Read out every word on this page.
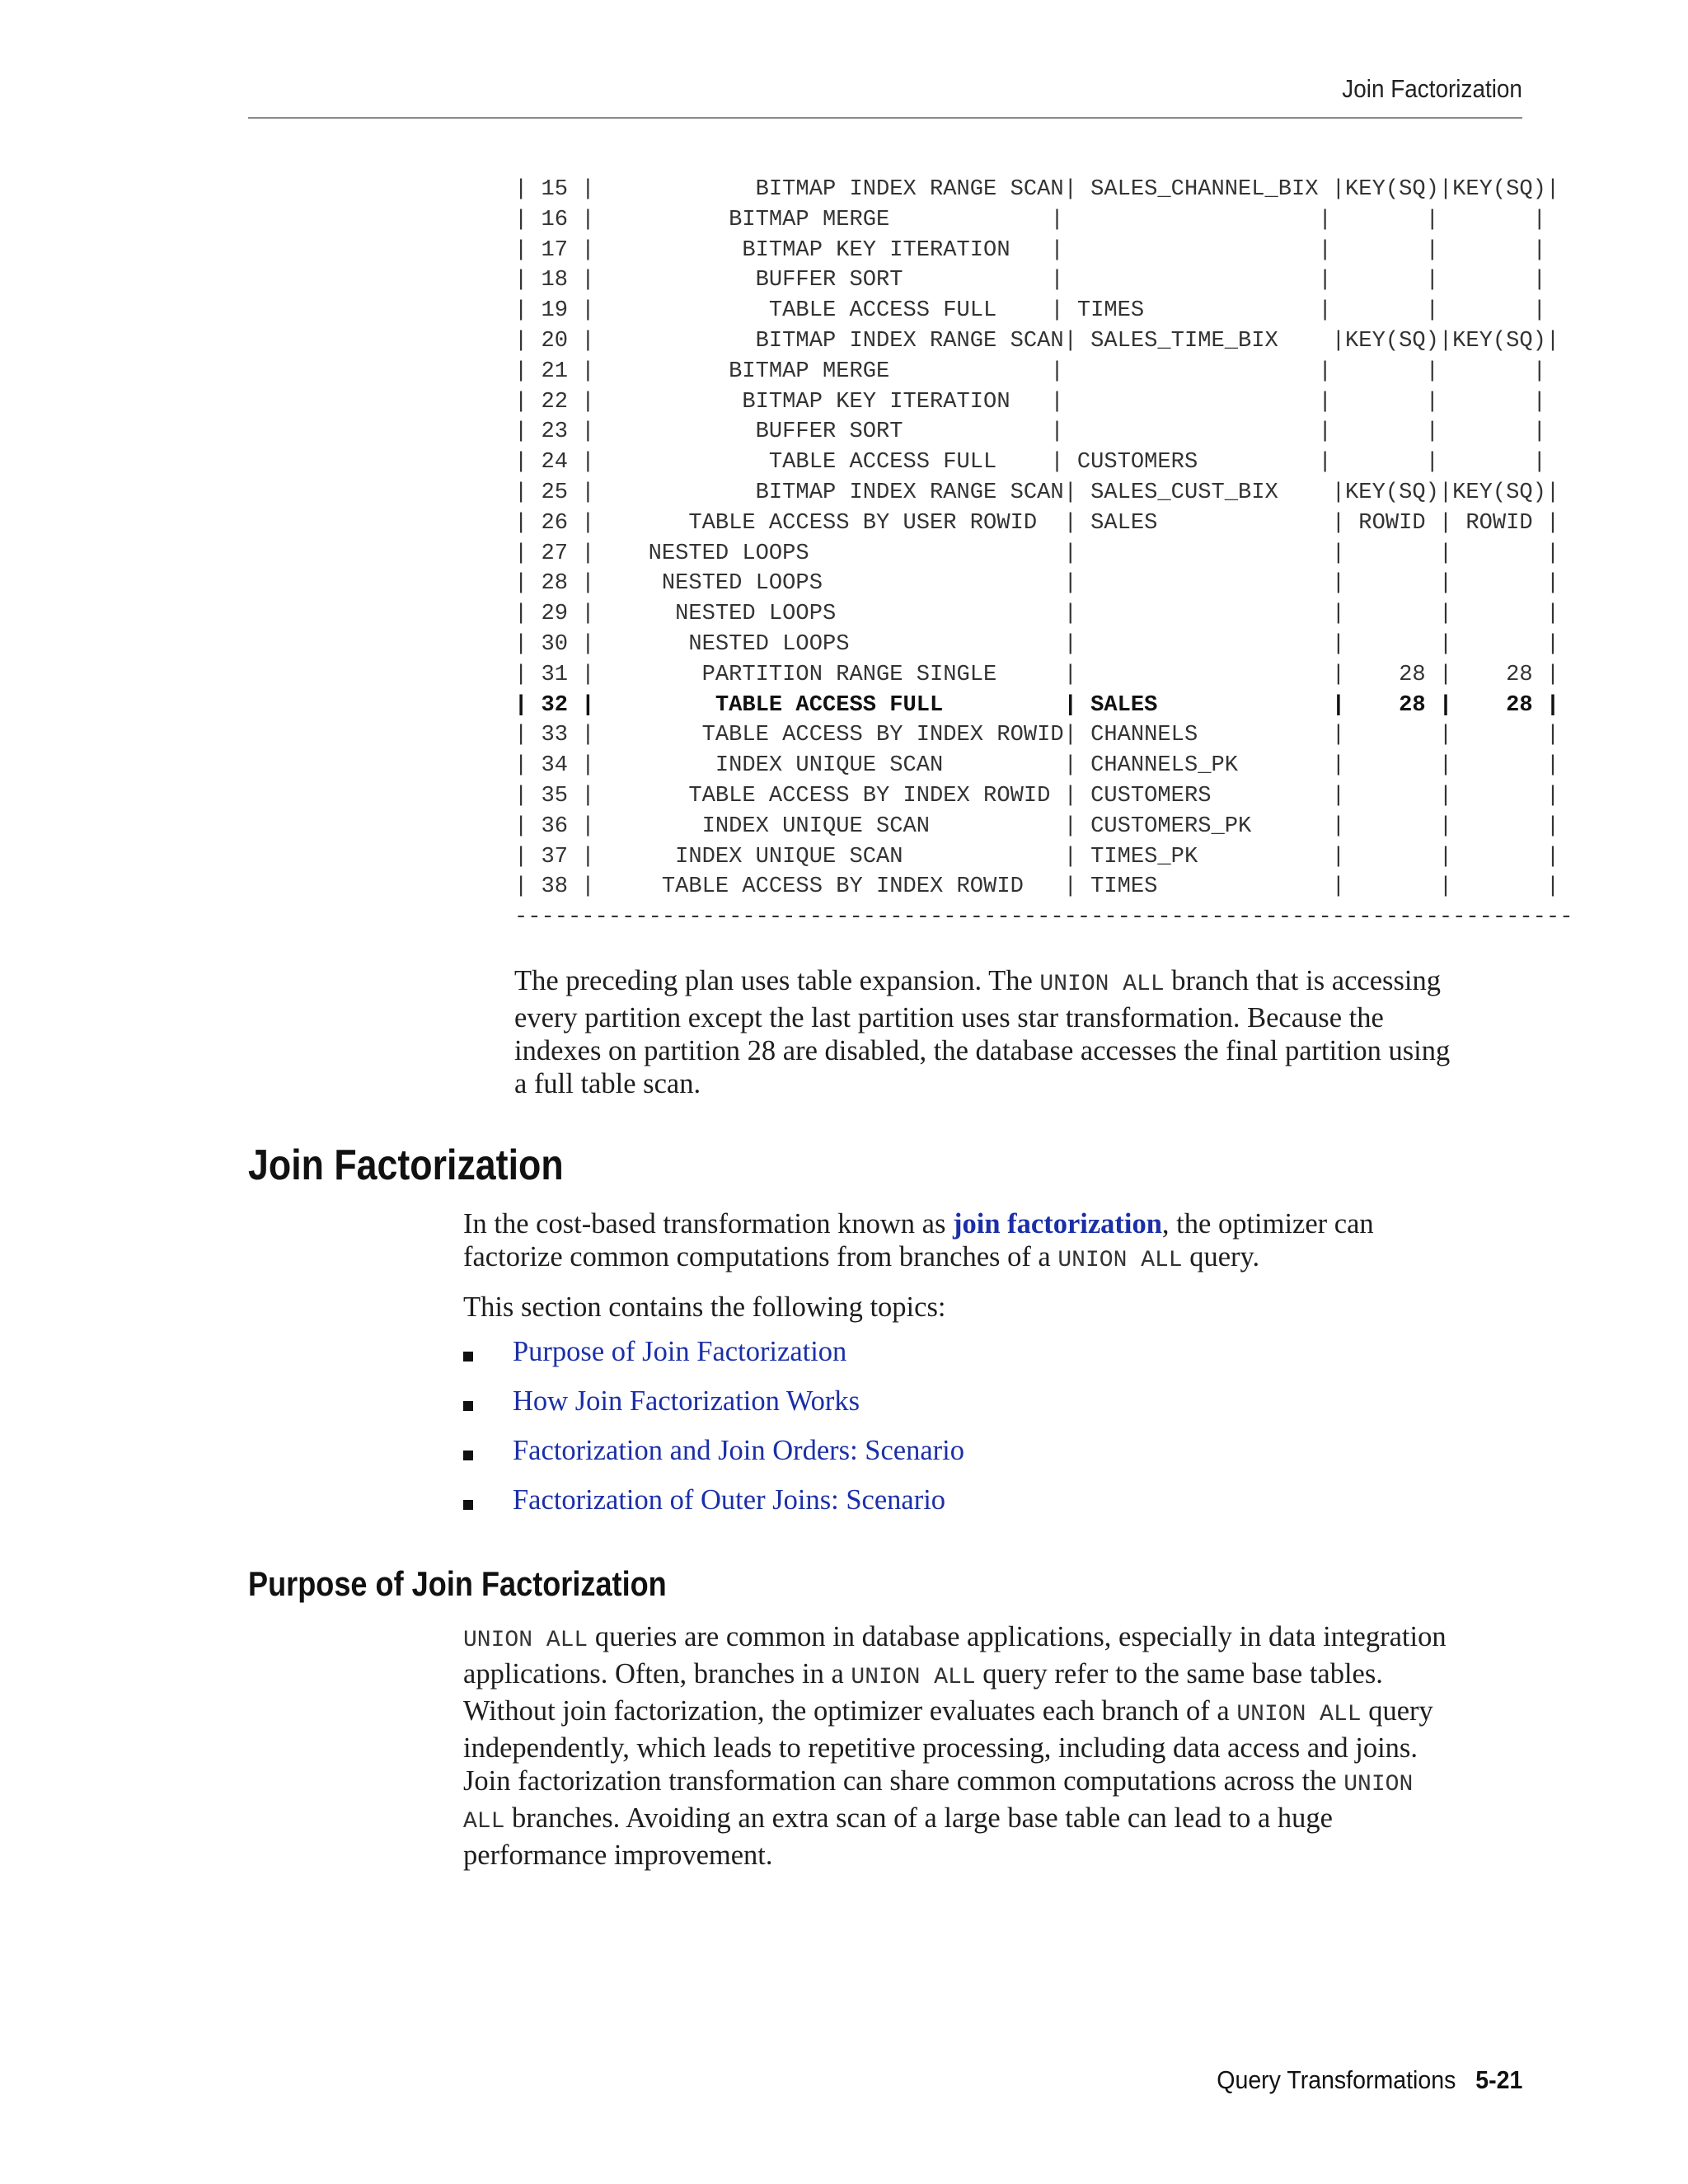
Join Factorization
| 15 |            BITMAP INDEX RANGE SCAN| SALES_CHANNEL_BIX |KEY(SQ)|KEY(SQ)|
| 16 |          BITMAP MERGE            |                   |       |       |
| 17 |           BITMAP KEY ITERATION   |                   |       |       |
| 18 |            BUFFER SORT           |                   |       |       |
| 19 |             TABLE ACCESS FULL    | TIMES             |       |       |
| 20 |            BITMAP INDEX RANGE SCAN| SALES_TIME_BIX    |KEY(SQ)|KEY(SQ)|
| 21 |          BITMAP MERGE            |                   |       |       |
| 22 |           BITMAP KEY ITERATION   |                   |       |       |
| 23 |            BUFFER SORT           |                   |       |       |
| 24 |             TABLE ACCESS FULL    | CUSTOMERS         |       |       |
| 25 |            BITMAP INDEX RANGE SCAN| SALES_CUST_BIX    |KEY(SQ)|KEY(SQ)|
| 26 |       TABLE ACCESS BY USER ROWID  | SALES             | ROWID | ROWID |
| 27 |    NESTED LOOPS                   |                   |       |       |
| 28 |     NESTED LOOPS                  |                   |       |       |
| 29 |      NESTED LOOPS                 |                   |       |       |
| 30 |       NESTED LOOPS                |                   |       |       |
| 31 |        PARTITION RANGE SINGLE     |                   |    28 |    28 |
| 32 |         TABLE ACCESS FULL         | SALES             |    28 |    28 |
| 33 |        TABLE ACCESS BY INDEX ROWID| CHANNELS          |       |       |
| 34 |         INDEX UNIQUE SCAN         | CHANNELS_PK       |       |       |
| 35 |       TABLE ACCESS BY INDEX ROWID | CUSTOMERS         |       |       |
| 36 |        INDEX UNIQUE SCAN          | CUSTOMERS_PK      |       |       |
| 37 |      INDEX UNIQUE SCAN            | TIMES_PK          |       |       |
| 38 |     TABLE ACCESS BY INDEX ROWID   | TIMES             |       |       |
-------------------------------------------------------------------------------
The preceding plan uses table expansion. The UNION ALL branch that is accessing
every partition except the last partition uses star transformation. Because the
indexes on partition 28 are disabled, the database accesses the final partition using
a full table scan.
Join Factorization
In the cost-based transformation known as join factorization, the optimizer can
factorize common computations from branches of a UNION ALL query.
This section contains the following topics:
Purpose of Join Factorization
How Join Factorization Works
Factorization and Join Orders: Scenario
Factorization of Outer Joins: Scenario
Purpose of Join Factorization
UNION ALL queries are common in database applications, especially in data integration
applications. Often, branches in a UNION ALL query refer to the same base tables.
Without join factorization, the optimizer evaluates each branch of a UNION ALL query
independently, which leads to repetitive processing, including data access and joins.
Join factorization transformation can share common computations across the UNION
ALL branches. Avoiding an extra scan of a large base table can lead to a huge
performance improvement.
Query Transformations 5-21
